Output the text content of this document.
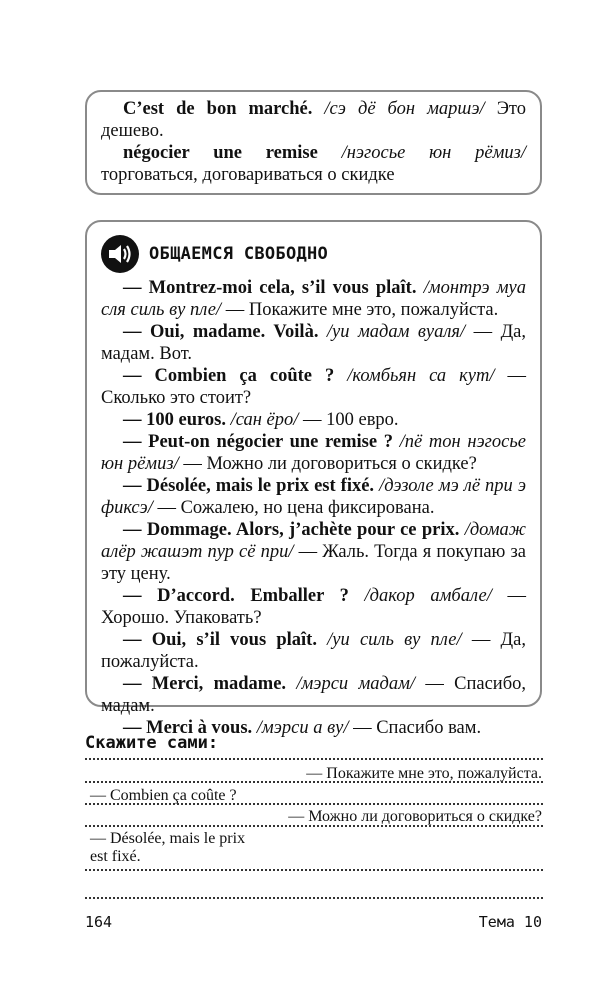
C’est de bon marché. /сэ дё бон маршэ/ Это дешево.

négocier une remise /нэгосье юн рёмиз/ торговаться, договариваться о скидке

ОБЩАЕМСЯ СВОБОДНО

— Montrez-moi cela, s’il vous plaît. /монтрэ муа сля силь ву пле/ — Покажите мне это, пожалуйста.

— Oui, madame. Voilà. /уи мадам вуаля/ — Да, мадам. Вот.

— Combien ça coûte ? /комбьян са кут/ — Сколько это стоит?

— 100 euros. /сан ёро/ — 100 евро.

— Peut-on négocier une remise ? /пё тон нэгосье юн рёмиз/ — Можно ли договориться о скидке?

— Désolée, mais le prix est fixé. /дэзоле мэ лё при э фиксэ/ — Сожалею, но цена фиксирована.

— Dommage. Alors, j’achète pour ce prix. /домаж алёр жашэт пур сё при/ — Жаль. Тогда я покупаю за эту цену.

— D’accord. Emballer ? /дакор амбале/ — Хорошо. Упаковать?

— Oui, s’il vous plaît. /уи силь ву пле/ — Да, пожалуйста.

— Merci, madame. /мэрси мадам/ — Спасибо, мадам.

— Merci à vous. /мэрси а ву/ — Спасибо вам.

Скажите сами:
— Покажите мне это, пожалуйста.
— Combien ça coûte ?
— Можно ли договориться о скидке?
— Désolée, mais le prix
est fixé.
164	Тема 10
